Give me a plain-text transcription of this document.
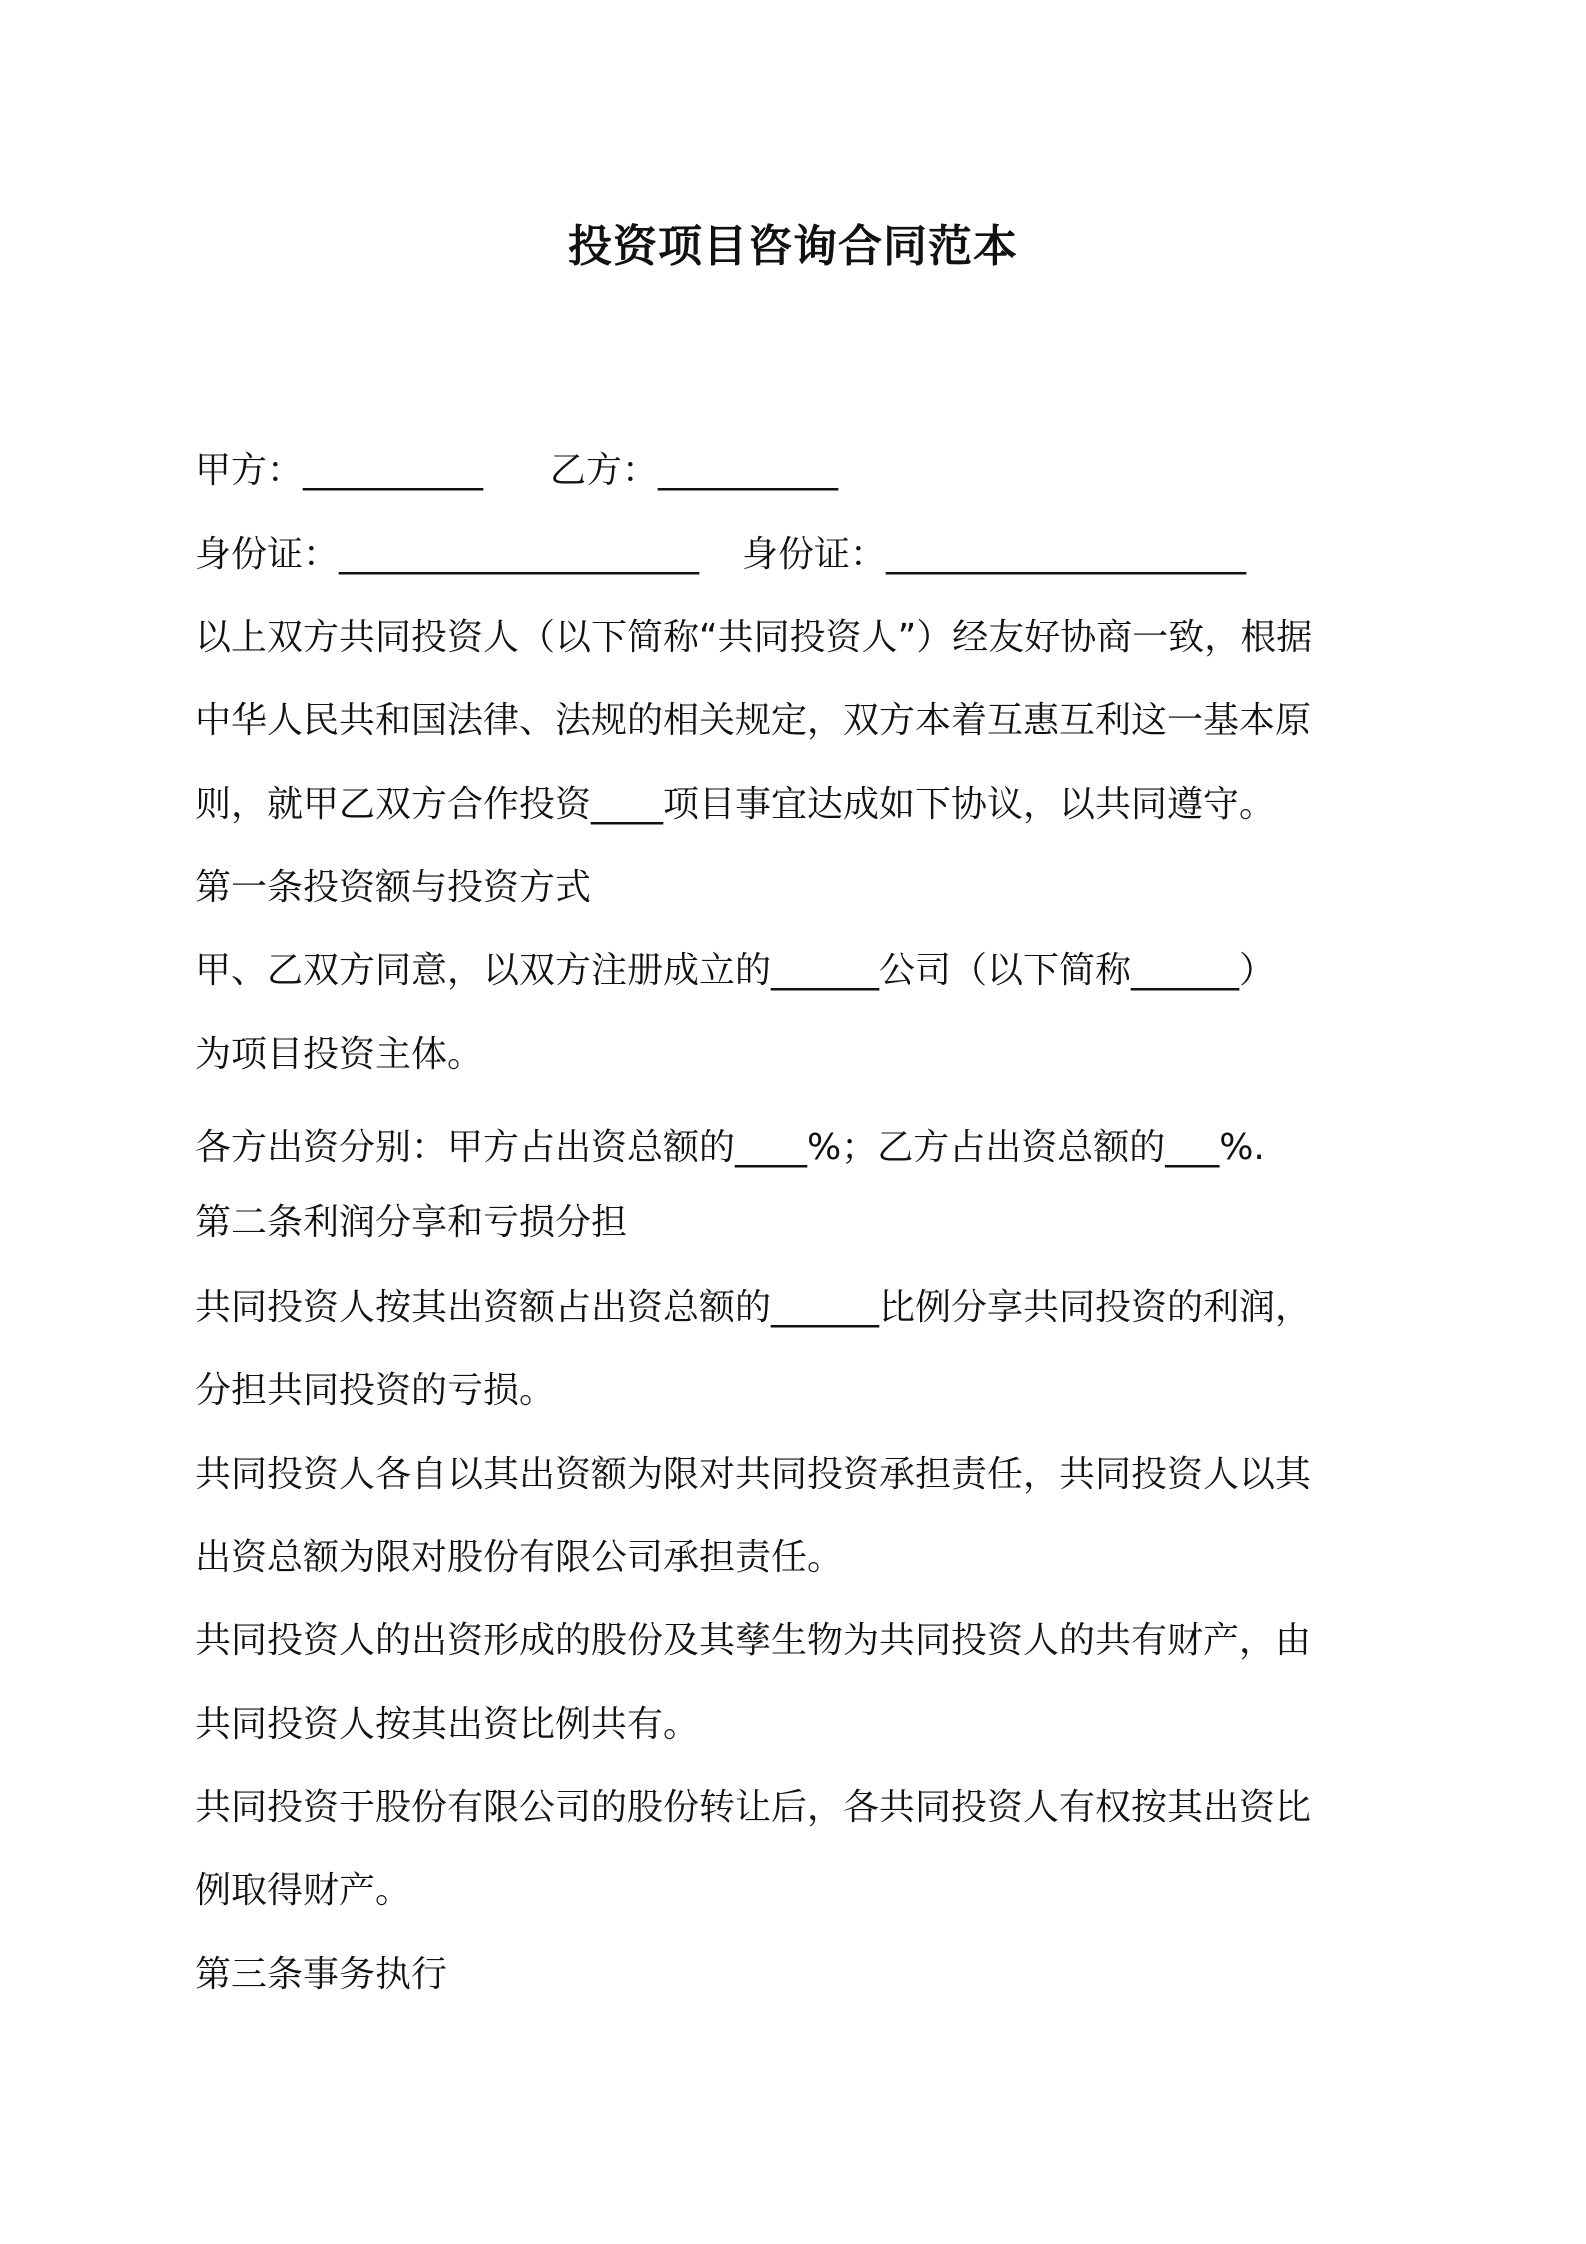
投资项目咨询合同范本
甲方：__________ 乙方：__________
身份证：____________________ 身份证：____________________
以上双方共同投资人（以下简称“共同投资人”）经友好协商一致，根据
中华人民共和国法律、法规的相关规定，双方本着互惠互利这一基本原
则，就甲乙双方合作投资____项目事宜达成如下协议，以共同遵守。
第一条投资额与投资方式
甲、乙双方同意，以双方注册成立的______公司（以下简称______）
为项目投资主体。
各方出资分别：甲方占出资总额的____%；乙方占出资总额的___%.
第二条利润分享和亏损分担
共同投资人按其出资额占出资总额的______比例分享共同投资的利润，
分担共同投资的亏损。
共同投资人各自以其出资额为限对共同投资承担责任，共同投资人以其
出资总额为限对股份有限公司承担责任。
共同投资人的出资形成的股份及其孳生物为共同投资人的共有财产，由
共同投资人按其出资比例共有。
共同投资于股份有限公司的股份转让后，各共同投资人有权按其出资比
例取得财产。
第三条事务执行
